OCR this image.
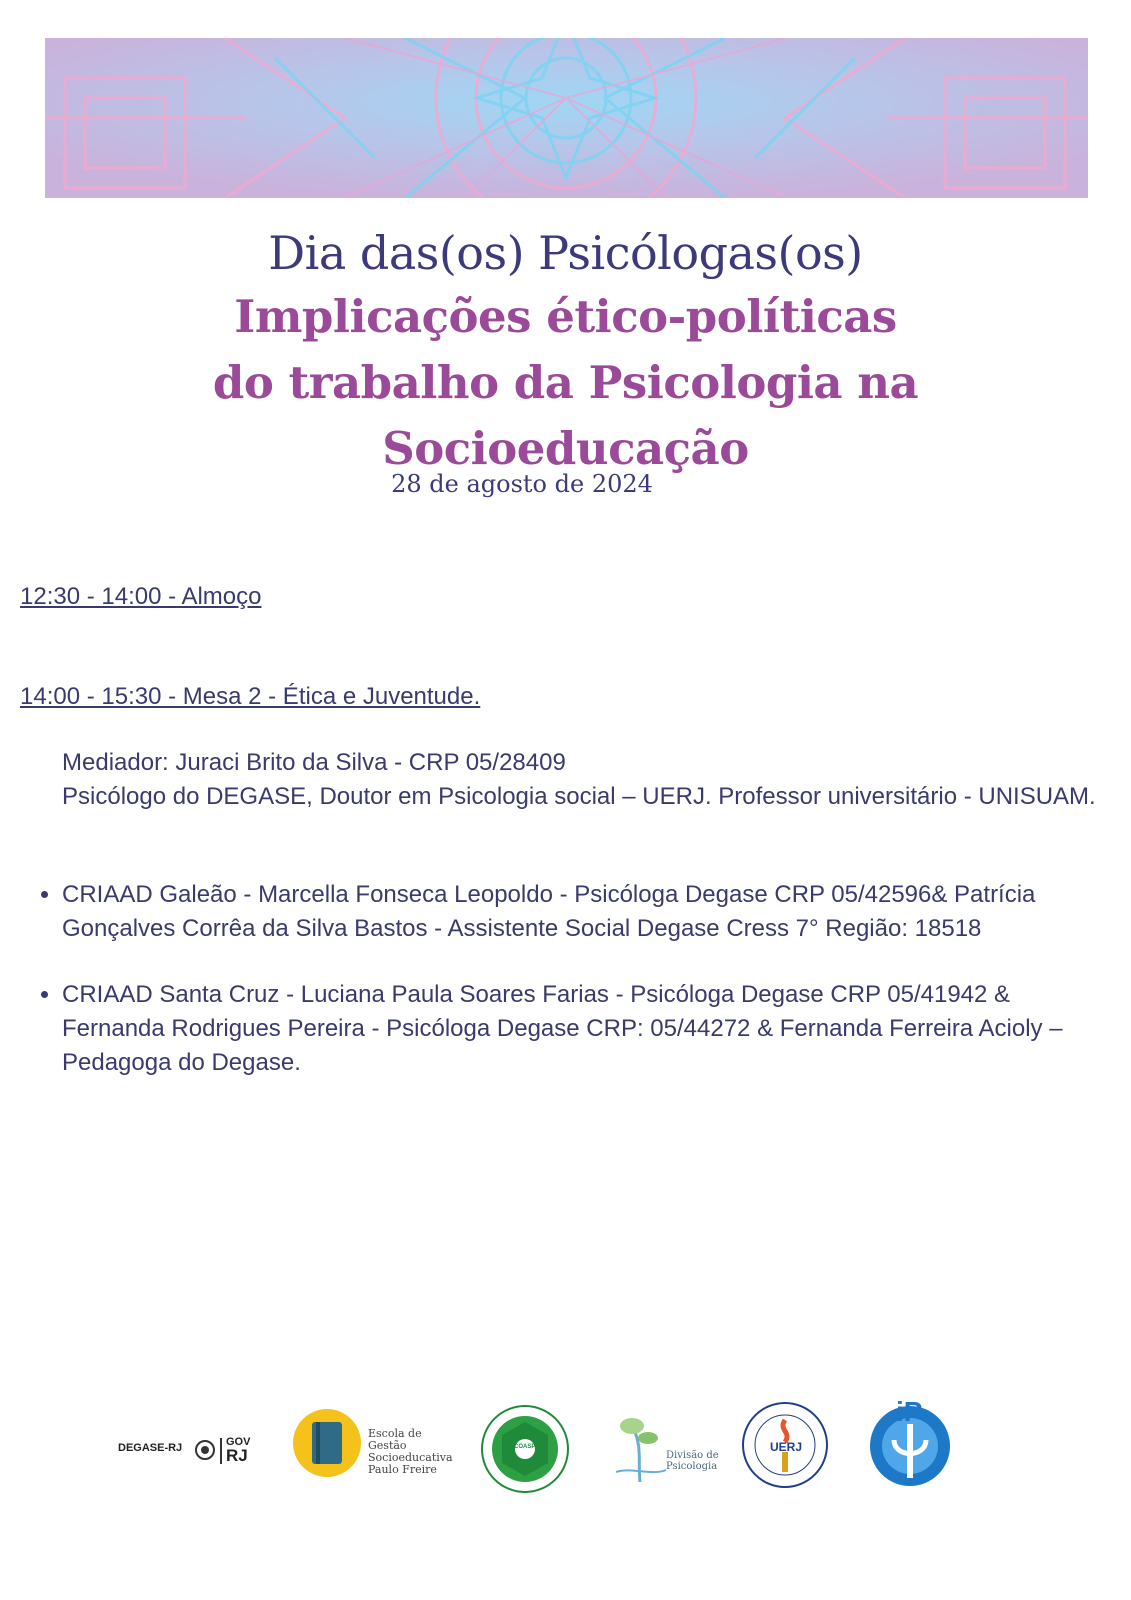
Dia das(os) Psicólogas(os)
Implicações ético-políticas
do trabalho da Psicologia na
Socioeducação
28 de agosto de 2024
12:30 - 14:00 - Almoço
14:00 - 15:30 - Mesa 2 - Ética e Juventude.

Mediador: Juraci Brito da Silva - CRP 05/28409

Psicólogo do DEGASE, Doutor em Psicologia social – UERJ. Professor universitário - UNISUAM.

• CRIAAD Galeão - Marcella Fonseca Leopoldo - Psicóloga Degase CRP 05/42596& Patrícia Gonçalves Corrêa da Silva Bastos - Assistente Social Degase Cress 7° Região: 18518
• CRIAAD Santa Cruz - Luciana Paula Soares Farias - Psicóloga Degase CRP 05/41942 & Fernanda Rodrigues Pereira - Psicóloga Degase CRP: 05/44272 & Fernanda Ferreira Acioly – Pedagoga do Degase.
DEGASE-RJ	GOV
RJ
Escola de Gestão
Socioeducativa
Paulo Freire
COASP
Divisão de
Psicologia
UERJ
iP
